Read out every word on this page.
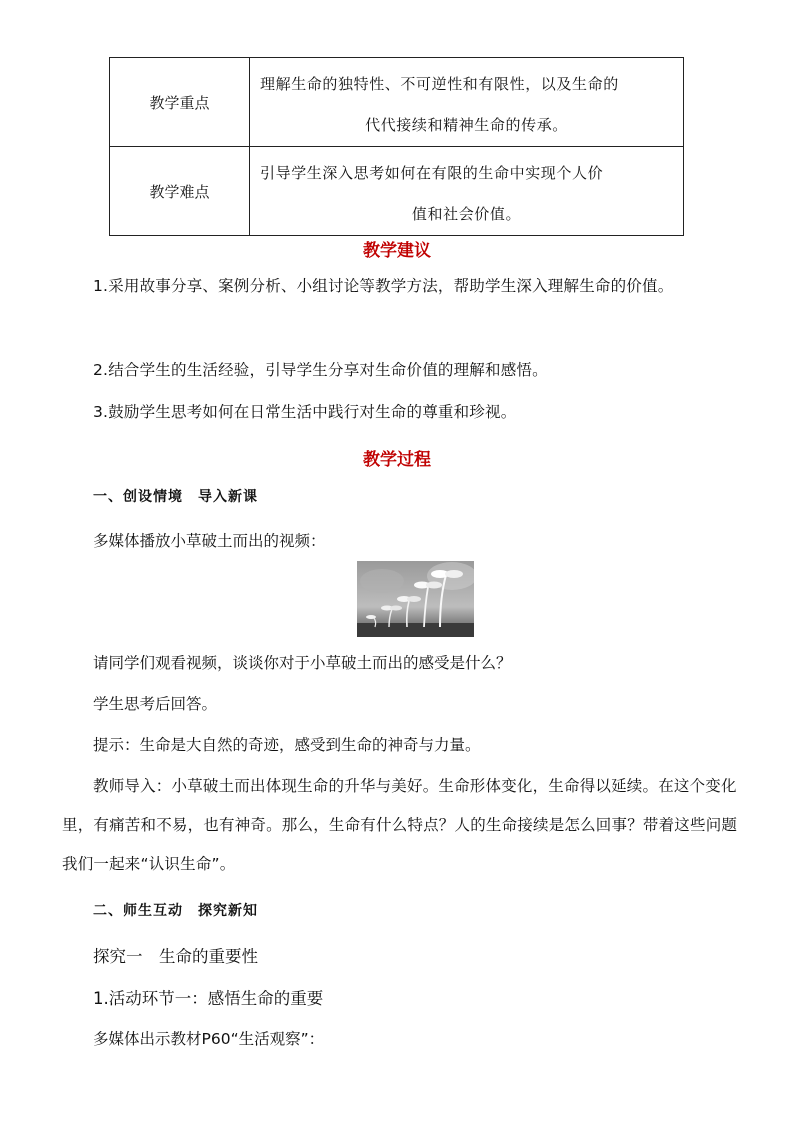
教学重点	理解生命的独特性、不可逆性和有限性，以及生命的
代代接续和精神生命的传承。

教学难点	引导学生深入思考如何在有限的生命中实现个人价
值和社会价值。
教学建议
1.采用故事分享、案例分析、小组讨论等教学方法，帮助学生深入理解生命的价值。
2.结合学生的生活经验，引导学生分享对生命价值的理解和感悟。
3.鼓励学生思考如何在日常生活中践行对生命的尊重和珍视。
教学过程
一、创设情境　导入新课
多媒体播放小草破土而出的视频：
请同学们观看视频，谈谈你对于小草破土而出的感受是什么？
学生思考后回答。
提示：生命是大自然的奇迹，感受到生命的神奇与力量。
教师导入：小草破土而出体现生命的升华与美好。生命形体变化，生命得以延续。在这个变化里，有痛苦和不易，也有神奇。那么，生命有什么特点？人的生命接续是怎么回事？带着这些问题我们一起来“认识生命”。
二、师生互动　探究新知
探究一　生命的重要性
1.活动环节一：感悟生命的重要
多媒体出示教材P60“生活观察”：
